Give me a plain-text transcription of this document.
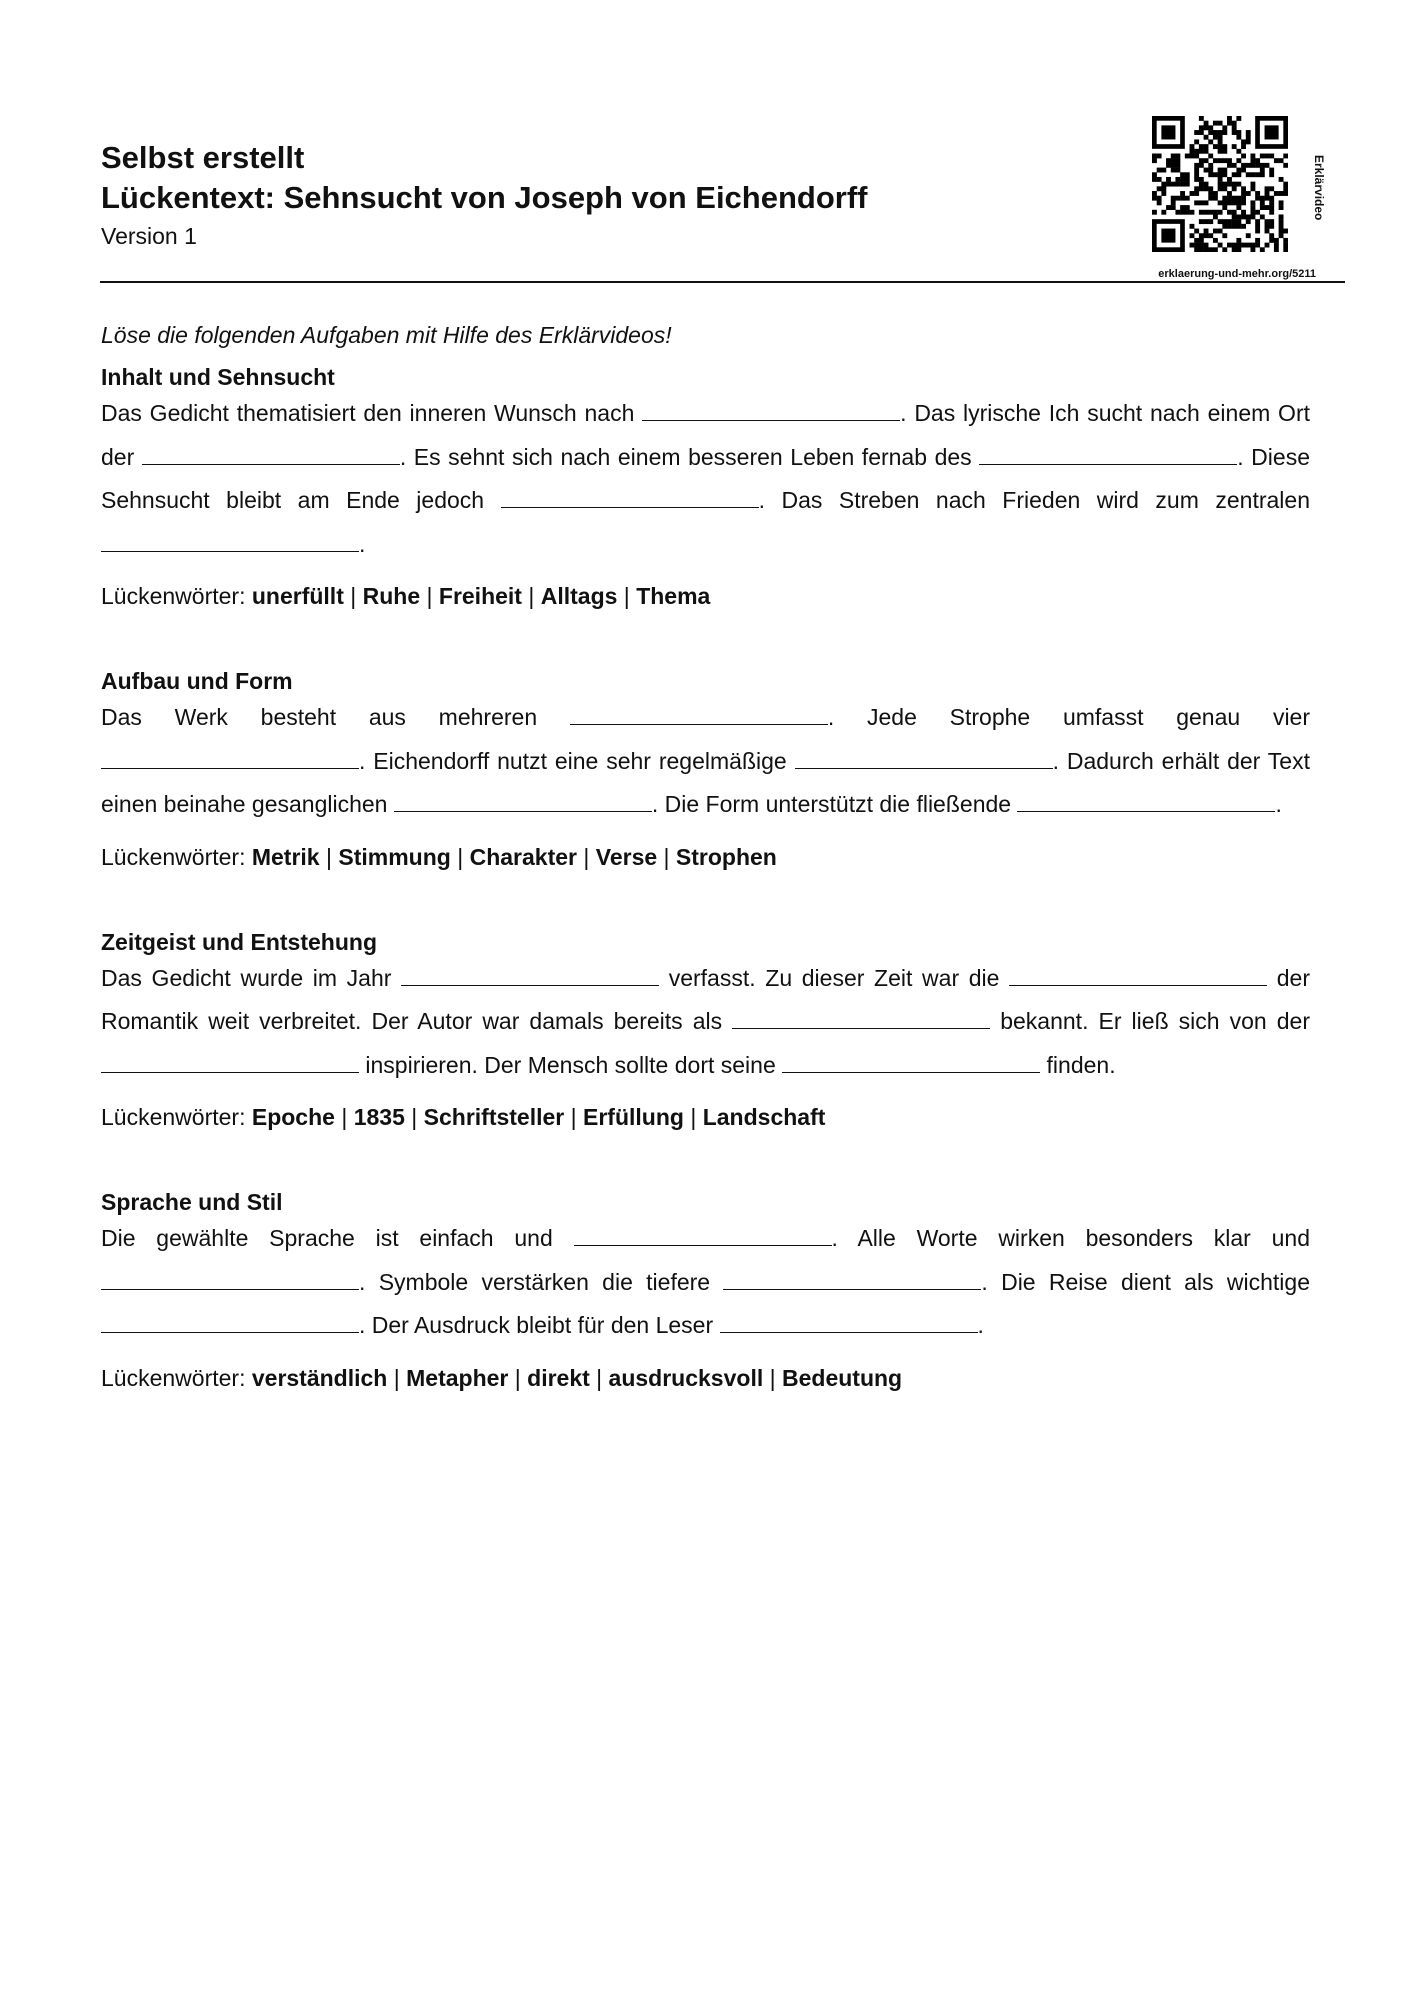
Selbst erstellt
Lückentext: Sehnsucht von Joseph von Eichendorff
Version 1
Erklärvideo
erklaerung-und-mehr.org/5211

Löse die folgenden Aufgaben mit Hilfe des Erklärvideos!

Inhalt und Sehnsucht

Das Gedicht thematisiert den inneren Wunsch nach	. Das lyrische Ich sucht nach einem Ort der	. Es sehnt sich nach einem besseren Leben fernab des	. Diese Sehnsucht bleibt am Ende jedoch	. Das Streben nach Frieden wird zum zentralen .

Lückenwörter: unerfüllt | Ruhe | Freiheit | Alltags | Thema

Aufbau und Form

Das Werk besteht aus mehreren	. Jede Strophe umfasst genau vier . Eichendorff nutzt eine sehr regelmäßige	. Dadurch erhält der Text einen beinahe gesanglichen	. Die Form unterstützt die fließende	.

Lückenwörter: Metrik | Stimmung | Charakter | Verse | Strophen

Zeitgeist und Entstehung

Das Gedicht wurde im Jahr	verfasst. Zu dieser Zeit war die	der Romantik weit verbreitet. Der Autor war damals bereits als	bekannt. Er ließ sich von der  inspirieren. Der Mensch sollte dort seine	finden.

Lückenwörter: Epoche | 1835 | Schriftsteller | Erfüllung | Landschaft

Sprache und Stil

Die gewählte Sprache ist einfach und	. Alle Worte wirken besonders klar und . Symbole verstärken die tiefere	. Die Reise dient als wichtige . Der Ausdruck bleibt für den Leser	.

Lückenwörter: verständlich | Metapher | direkt | ausdrucksvoll | Bedeutung
